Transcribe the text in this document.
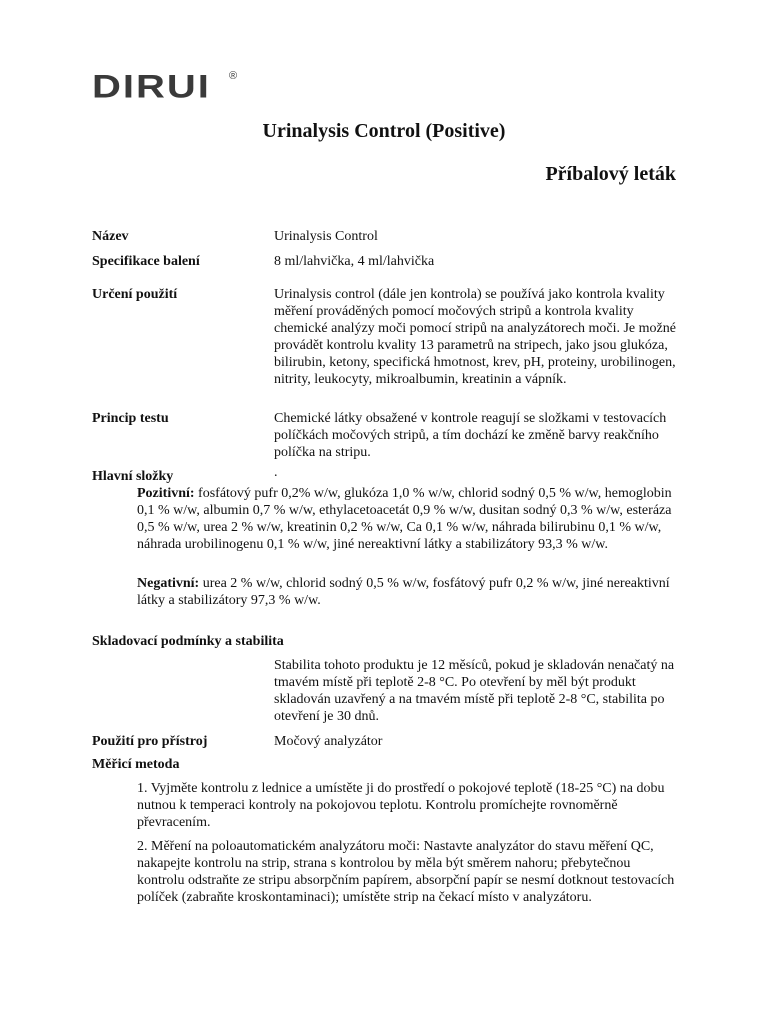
DIRUI ®
Urinalysis Control (Positive)
Příbalový leták
Název	Urinalysis Control
Specifikace balení	8 ml/lahvička, 4 ml/lahvička
Určení použití	Urinalysis control (dále jen kontrola) se používá jako kontrola kvality měření prováděných pomocí močových stripů a kontrola kvality chemické analýzy moči pomocí stripů na analyzátorech moči. Je možné provádět kontrolu kvality 13 parametrů na stripech, jako jsou glukóza, bilirubin, ketony, specifická hmotnost, krev, pH, proteiny, urobilinogen, nitrity, leukocyty, mikroalbumin, kreatinin a vápník.
Princip testu	Chemické látky obsažené v kontrole reagují se složkami v testovacích políčkách močových stripů, a tím dochází ke změně barvy reakčního políčka na stripu.
Hlavní složky	.
Pozitivní: fosfátový pufr 0,2% w/w, glukóza 1,0 % w/w, chlorid sodný 0,5 % w/w, hemoglobin 0,1 % w/w, albumin 0,7 % w/w, ethylacetoacetát 0,9 % w/w, dusitan sodný 0,3 % w/w, esteráza 0,5 % w/w, urea 2 % w/w, kreatinin 0,2 % w/w, Ca 0,1 % w/w, náhrada bilirubinu 0,1 % w/w, náhrada urobilinogenu 0,1 % w/w, jiné nereaktivní látky a stabilizátory 93,3 % w/w.
Negativní: urea 2 % w/w, chlorid sodný 0,5 % w/w, fosfátový pufr 0,2 % w/w, jiné nereaktivní látky a stabilizátory 97,3 % w/w.
Skladovací podmínky a stabilita
Stabilita tohoto produktu je 12 měsíců, pokud je skladován nenačatý na tmavém místě při teplotě 2-8 °C. Po otevření by měl být produkt skladován uzavřený a na tmavém místě při teplotě 2-8 °C, stabilita po otevření je 30 dnů.
Použití pro přístroj	Močový analyzátor
Měřicí metoda
1. Vyjměte kontrolu z lednice a umístěte ji do prostředí o pokojové teplotě (18-25 °C) na dobu nutnou k temperaci kontroly na pokojovou teplotu. Kontrolu promíchejte rovnoměrně převracením.
2. Měření na poloautomatickém analyzátoru moči: Nastavte analyzátor do stavu měření QC, nakapejte kontrolu na strip, strana s kontrolou by měla být směrem nahoru; přebytečnou kontrolu odstraňte ze stripu absorpčním papírem, absorpční papír se nesmí dotknout testovacích políček (zabraňte kroskontaminaci); umístěte strip na čekací místo v analyzátoru.
